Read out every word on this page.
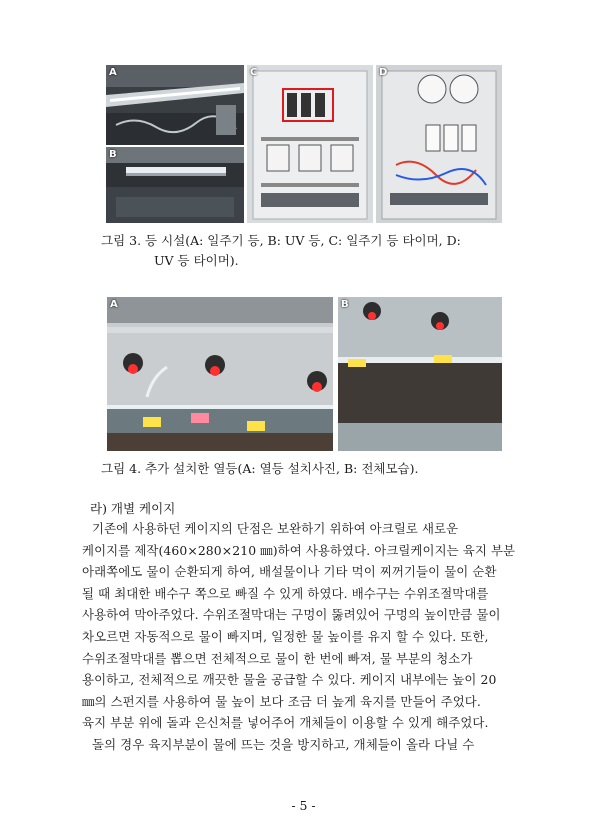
A
B
C	D
그림 3. 등 시설(A: 일주기 등, B: UV 등, C: 일주기 등 타이머, D:
UV 등 타이머).
A	B
그림 4. 추가 설치한 열등(A: 열등 설치사진, B: 전체모습).
라) 개별 케이지
기존에 사용하던 케이지의 단점은 보완하기 위하여 아크릴로 새로운
케이지를 제작(460×280×210 ㎜)하여 사용하였다. 아크릴케이지는 육지 부분
아래쪽에도 물이 순환되게 하여, 배설물이나 기타 먹이 찌꺼기들이 물이 순환
될 때 최대한 배수구 쪽으로 빠질 수 있게 하였다. 배수구는 수위조절막대를
사용하여 막아주었다. 수위조절막대는 구멍이 뚫려있어 구멍의 높이만큼 물이
차오르면 자동적으로 물이 빠지며, 일정한 물 높이를 유지 할 수 있다. 또한,
수위조절막대를 뽑으면 전체적으로 물이 한 번에 빠져, 물 부분의 청소가
용이하고, 전체적으로 깨끗한 물을 공급할 수 있다. 케이지 내부에는 높이 20
㎜의 스펀지를 사용하여 물 높이 보다 조금 더 높게 육지를 만들어 주었다.
육지 부분 위에 돌과 은신처를 넣어주어 개체들이 이용할 수 있게 해주었다.
돌의 경우 육지부분이 물에 뜨는 것을 방지하고, 개체들이 올라 다닐 수
- 5 -
